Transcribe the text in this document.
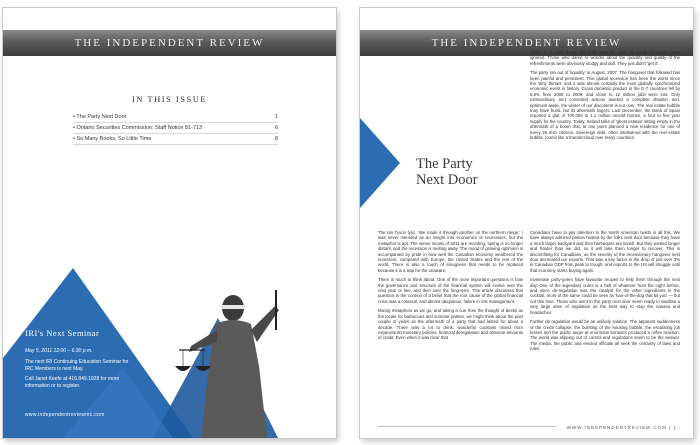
THE INDEPENDENT REVIEW
IN THIS ISSUE
• The Party Next Door	1
• Ontario Securities Commission: Staff Notice 81-713	6
• So Many Books, So Little Time	8
IRI's Next Seminar
May 5, 2011 12:00 – 6:30 p.m.
The next IRI Continuing Education Seminar for IRC Members is next May.
Call Janet Keefe at 416.849.1928 for more information or to register.
www.independentreviewinc.com
THE INDEPENDENT REVIEW
The Party
Next Door

some of us were drunk, the frolic went on, even as words of caution were ignored. Those who dared to wonder about the quantity and quality of the refreshments were obviously stodgy and dull. They just didn't 'get it'.

The party ran out of 'liquidity' in August, 2007. The hangover that followed has been painful and persistent. This global recession has been the worst since the 'dirty thirties' and it was almost certainly the most globally synchronized economic event in history. Gross domestic product in the G-7 countries fell by 5.6% from 2008 to 2009, and close to 12 million jobs were lost. Only extraordinary and concerted actions averted a complete disaster and, optimism aside, the winter of our discontent is not over. The real estate bubble may have burst, but its aftermath lingers. Last December, the Bank of Spain reported a glut of 700,000 to 1.1 million unsold homes, a four to five year supply for the country. Today, Ireland talks of 'ghost estates' sitting empty in the aftermath of a boom that, at one point planned a new residence for one of every 25 Irish citizens. Sovereign debt, often intertwined with the real estate bubble, looms like a thundercloud over many countries.

The Ian Tyson lyric, 'We made it through another on the northern range,' I was never intended as an insight into economics or recessions, but the metaphor is apt. The winter snows of 2011 are receding, spring is no longer distant, and the recession is melting away. The mood of growing optimism is accompanied by pride in how well the Canadian economy weathered the recession, compared with Europe, the United States and the rest of the world. There is also a touch of smugness that needs to be replaced because it is a trap for the unaware.

There is much to think about. One of the more important questions is how the governance and structure of the financial system will evolve over the next year or two, and then over the long-term. This article discusses that question in the context of a belief that the root cause of the global financial crisis was a colossal, and almost ubiquitous, failure in risk management.

Mixing metaphors as we go, and taking a cue from the thought of decks as the locale for barbecues and summer parties, we might think about the past couple of years as the aftermath of a party that had lasted for about a decade. There was a lot to drink, wonderful cocktails mixed from expansionist monetary policies, financial deregulation and obscene amounts of credit. Even when it was clear that

Canadians have to pay attention to the North American twists in all this. We have always admired parties hosted by the folks next door because they have a much larger backyard and their barbeques are lavish. But they partied longer and harder than we did, so it will take them longer to recover. This is discomfiting for Canadians, as the severity of the recessionary hangover next door decimated our exports. That was a key factor in the drop of just over 3% in Canadian GDP from peak to trough, and exports to the US will struggle until that economy starts buying again.

Inveterate party-goers have favourite recipes to help them through the next day. One of the legendary cures is a belt of whatever from the night before, and since de-regulation was the catalyst for the other ingredients in the cocktail, more of the same could be seen as 'hair-of-the-dog that bit you' — but not this time. Those who went to the party next door seem ready to swallow a very large dose of regulation as the best way to stop the nausea and headaches.

Further de-regulation would be an unlikely solution. The apparent suddenness of the credit collapse, the bursting of the housing bubble, the escalating job losses and the public anger at enormous bonuses produced a reflex reaction. The world was slipping out of control and regulations seem to be the answer. The media, the public and elected officials all seek the certainty of laws and rules.

WWW.INDEPENDENTREVIEW.COM | 1
